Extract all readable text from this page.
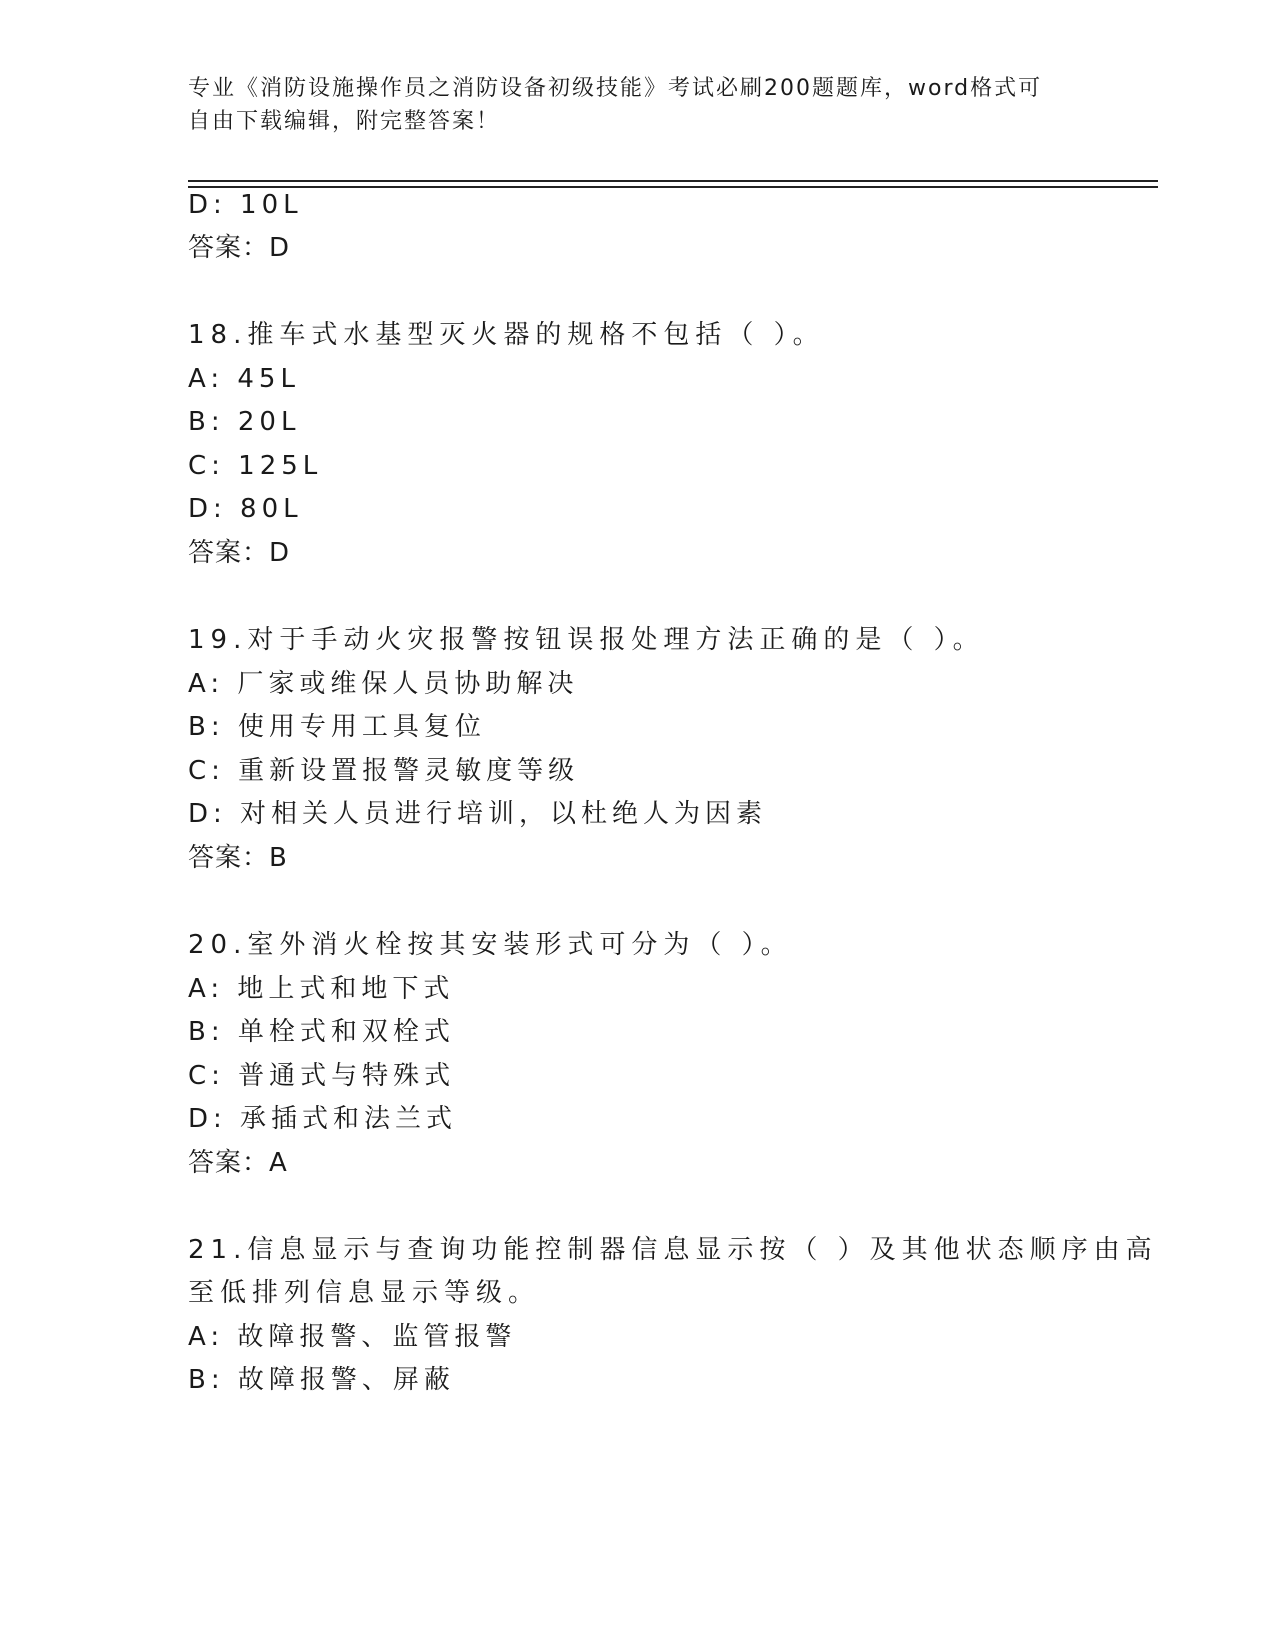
专业《消防设施操作员之消防设备初级技能》考试必刷200题题库，word格式可
自由下载编辑，附完整答案！
D: 10L
答案：D
18.推车式水基型灭火器的规格不包括（ ）。
A: 45L
B: 20L
C: 125L
D: 80L
答案：D
19.对于手动火灾报警按钮误报处理方法正确的是（ ）。
A: 厂家或维保人员协助解决
B: 使用专用工具复位
C: 重新设置报警灵敏度等级
D: 对相关人员进行培训，以杜绝人为因素
答案：B
20.室外消火栓按其安装形式可分为（ ）。
A: 地上式和地下式
B: 单栓式和双栓式
C: 普通式与特殊式
D: 承插式和法兰式
答案：A
21.信息显示与查询功能控制器信息显示按（ ）及其他状态顺序由高
至低排列信息显示等级。
A: 故障报警、监管报警
B: 故障报警、屏蔽
